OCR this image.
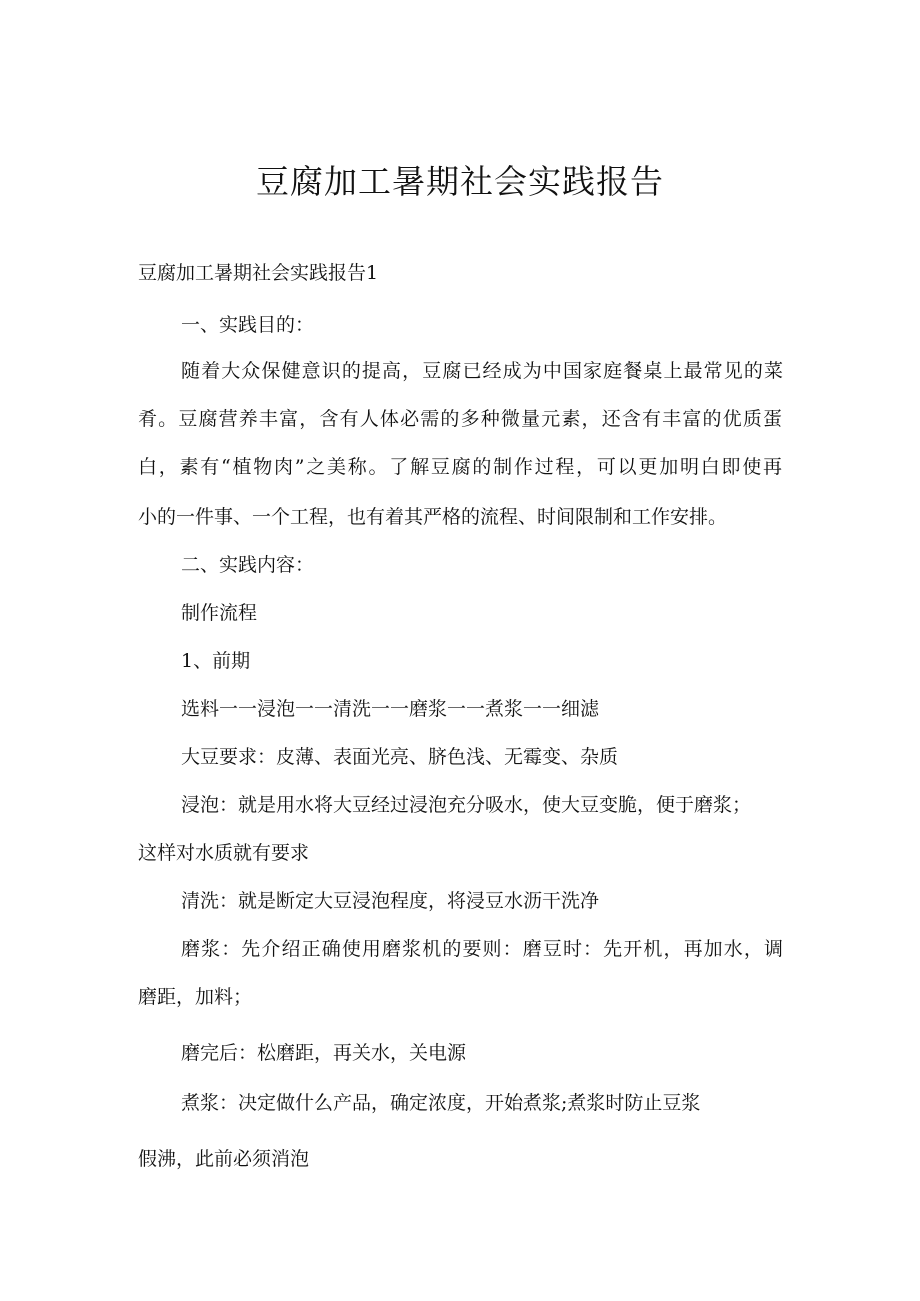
豆腐加工暑期社会实践报告

豆腐加工暑期社会实践报告1

一、实践目的：

随着大众保健意识的提高，豆腐已经成为中国家庭餐桌上最常见的菜

肴。豆腐营养丰富，含有人体必需的多种微量元素，还含有丰富的优质蛋

白，素有“植物肉”之美称。了解豆腐的制作过程，可以更加明白即使再

小的一件事、一个工程，也有着其严格的流程、时间限制和工作安排。

二、实践内容：

制作流程

1、前期

选料一一浸泡一一清洗一一磨浆一一煮浆一一细滤

大豆要求：皮薄、表面光亮、脐色浅、无霉变、杂质

浸泡：就是用水将大豆经过浸泡充分吸水，使大豆变脆，便于磨浆；

这样对水质就有要求

清洗：就是断定大豆浸泡程度，将浸豆水沥干洗净

磨浆：先介绍正确使用磨浆机的要则：磨豆时：先开机，再加水，调

磨距，加料；

磨完后：松磨距，再关水，关电源

煮浆：决定做什么产品，确定浓度，开始煮浆;煮浆时防止豆浆

假沸，此前必须消泡
